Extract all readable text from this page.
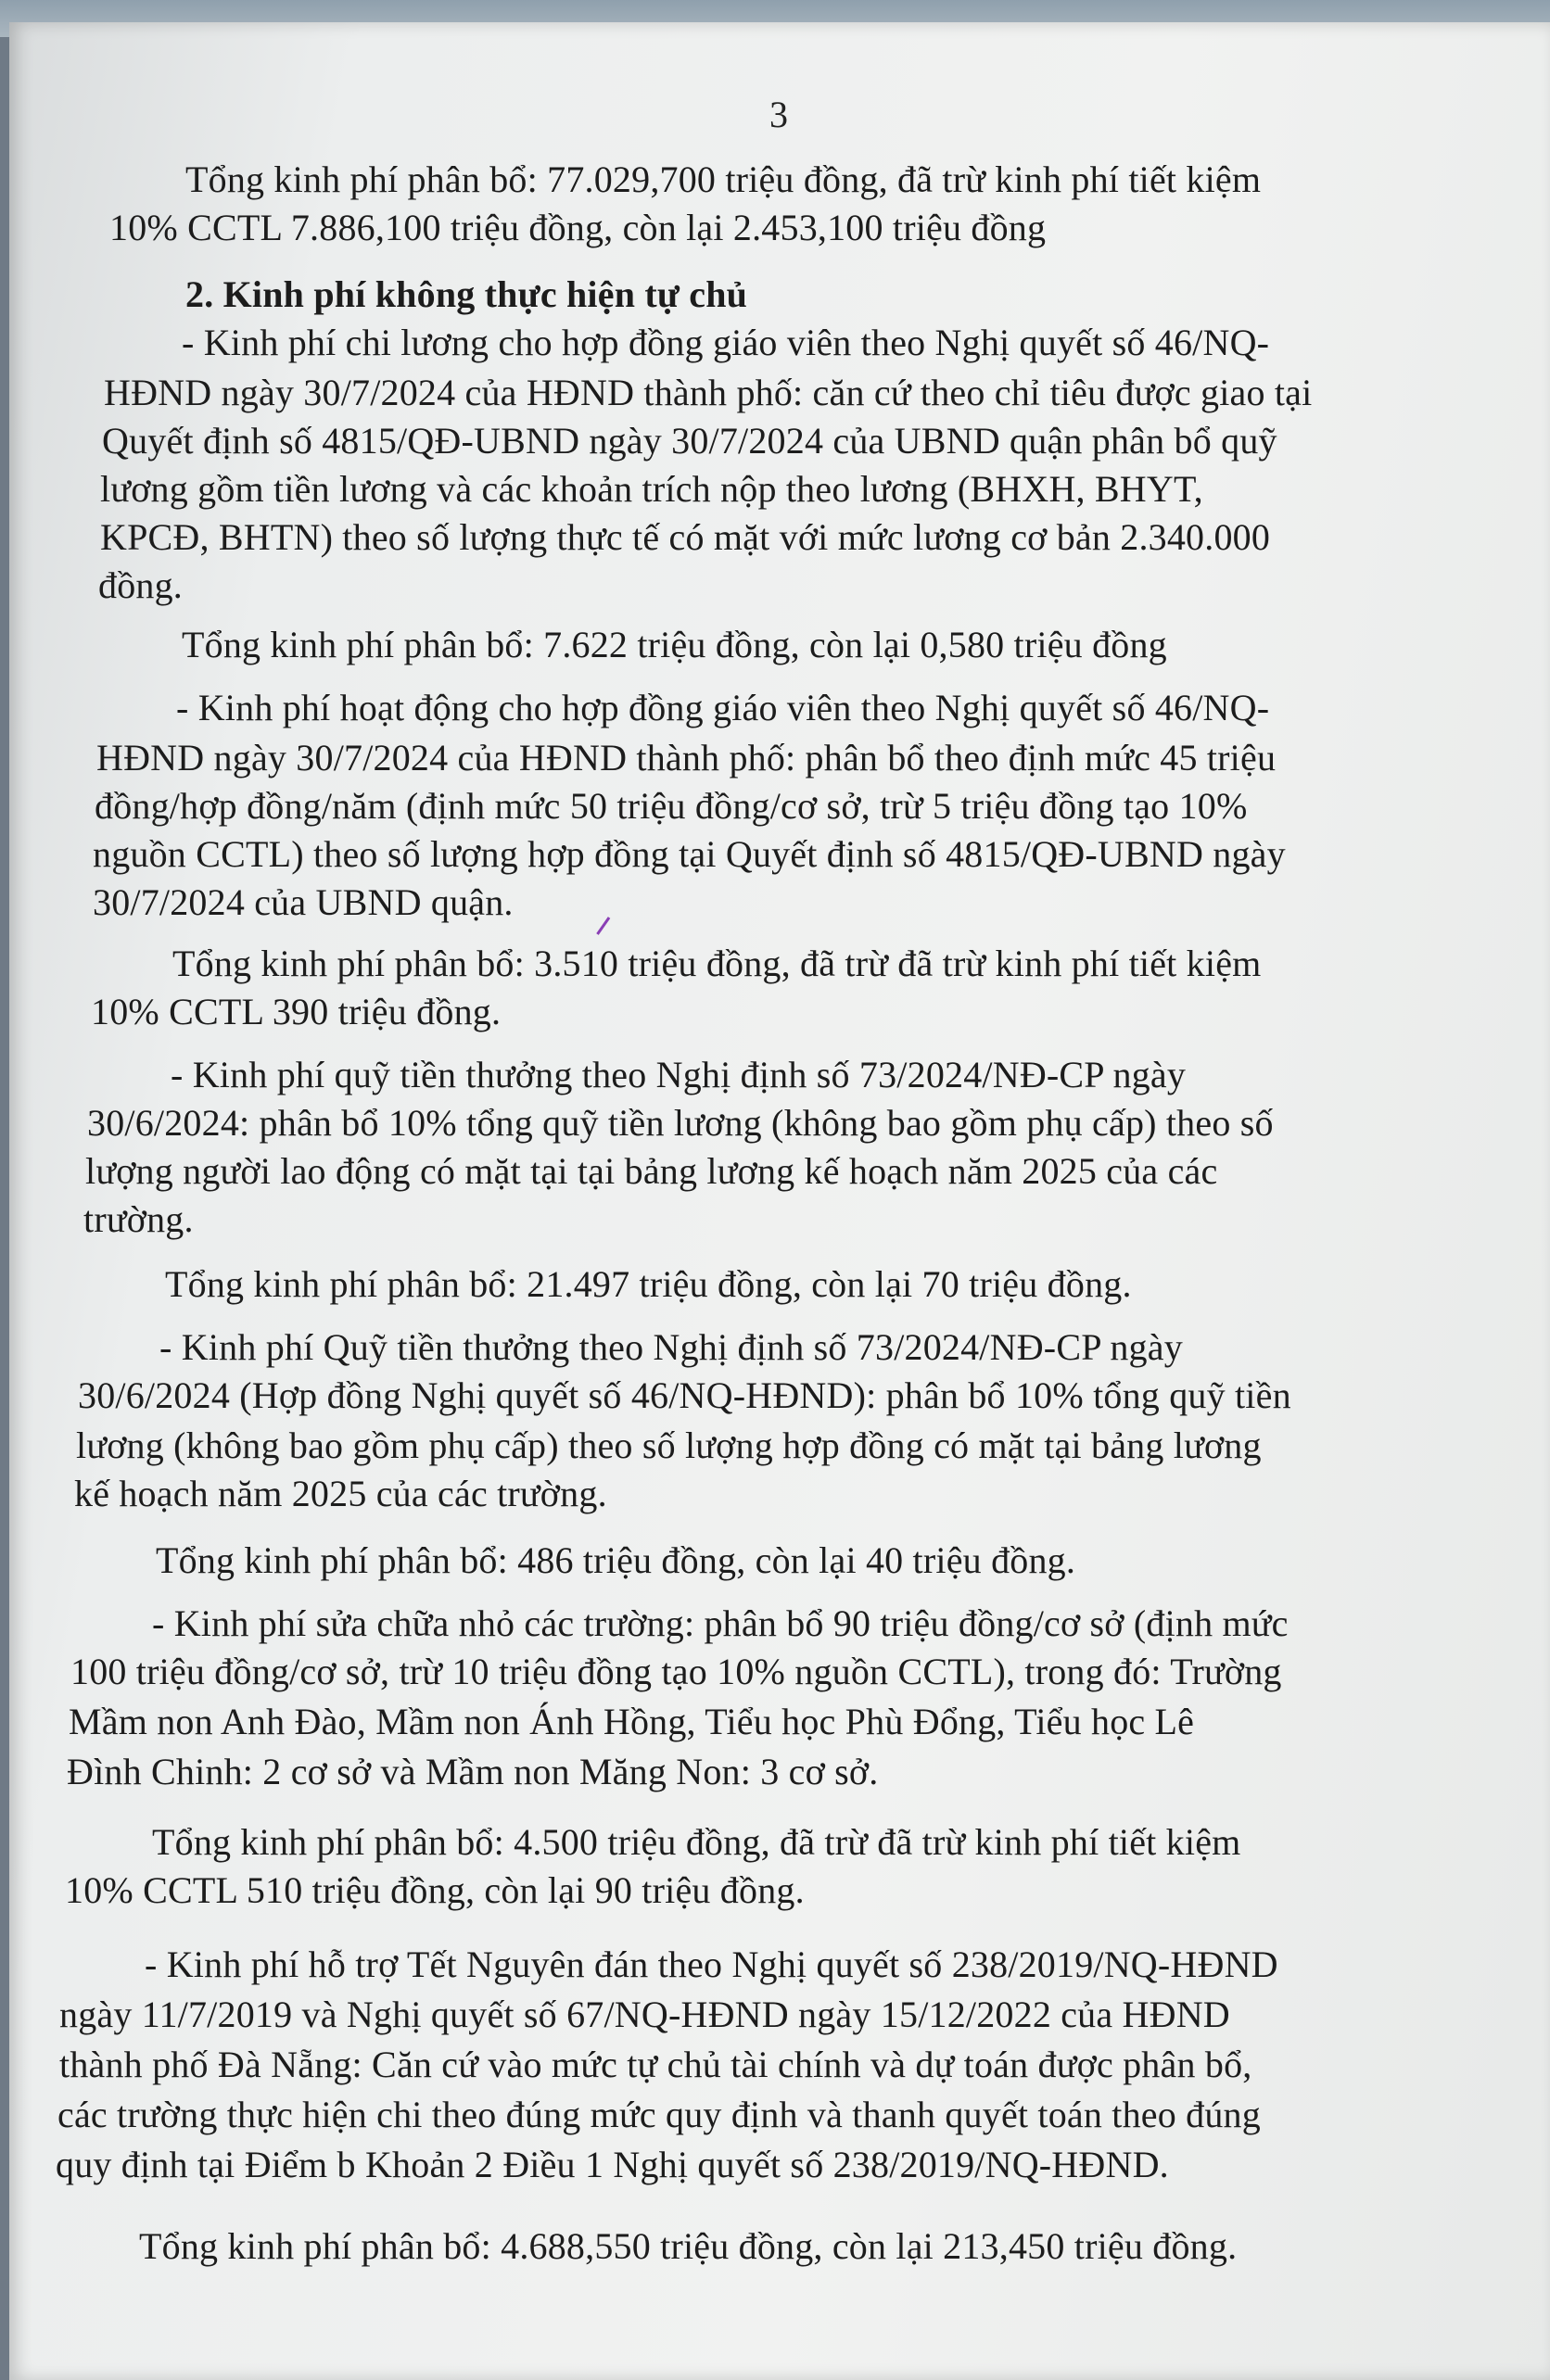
3
Tổng kinh phí phân bổ: 77.029,700 triệu đồng, đã trừ kinh phí tiết kiệm
10% CCTL 7.886,100 triệu đồng, còn lại 2.453,100 triệu đồng
2. Kinh phí không thực hiện tự chủ
- Kinh phí chi lương cho hợp đồng giáo viên theo Nghị quyết số 46/NQ-
HĐND ngày 30/7/2024 của HĐND thành phố: căn cứ theo chỉ tiêu được giao tại
Quyết định số 4815/QĐ-UBND ngày 30/7/2024 của UBND quận phân bổ quỹ
lương gồm tiền lương và các khoản trích nộp theo lương (BHXH, BHYT,
KPCĐ, BHTN) theo số lượng thực tế có mặt với mức lương cơ bản 2.340.000
đồng.
Tổng kinh phí phân bổ: 7.622 triệu đồng, còn lại 0,580 triệu đồng
- Kinh phí hoạt động cho hợp đồng giáo viên theo Nghị quyết số 46/NQ-
HĐND ngày 30/7/2024 của HĐND thành phố: phân bổ theo định mức 45 triệu
đồng/hợp đồng/năm (định mức 50 triệu đồng/cơ sở, trừ 5 triệu đồng tạo 10%
nguồn CCTL) theo số lượng hợp đồng tại Quyết định số 4815/QĐ-UBND ngày
30/7/2024 của UBND quận.
Tổng kinh phí phân bổ: 3.510 triệu đồng, đã trừ đã trừ kinh phí tiết kiệm
10% CCTL 390 triệu đồng.
- Kinh phí quỹ tiền thưởng theo Nghị định số 73/2024/NĐ-CP ngày
30/6/2024: phân bổ 10% tổng quỹ tiền lương (không bao gồm phụ cấp) theo số
lượng người lao động có mặt tại tại bảng lương kế hoạch năm 2025 của các
trường.
Tổng kinh phí phân bổ: 21.497 triệu đồng, còn lại 70 triệu đồng.
- Kinh phí Quỹ tiền thưởng theo Nghị định số 73/2024/NĐ-CP ngày
30/6/2024 (Hợp đồng Nghị quyết số 46/NQ-HĐND): phân bổ 10% tổng quỹ tiền
lương (không bao gồm phụ cấp) theo số lượng hợp đồng có mặt tại bảng lương
kế hoạch năm 2025 của các trường.
Tổng kinh phí phân bổ: 486 triệu đồng, còn lại 40 triệu đồng.
- Kinh phí sửa chữa nhỏ các trường: phân bổ 90 triệu đồng/cơ sở (định mức
100 triệu đồng/cơ sở, trừ 10 triệu đồng tạo 10% nguồn CCTL), trong đó: Trường
Mầm non Anh Đào, Mầm non Ánh Hồng, Tiểu học Phù Đổng, Tiểu học Lê
Đình Chinh: 2 cơ sở và Mầm non Măng Non: 3 cơ sở.
Tổng kinh phí phân bổ: 4.500 triệu đồng, đã trừ đã trừ kinh phí tiết kiệm
10% CCTL 510 triệu đồng, còn lại 90 triệu đồng.
- Kinh phí hỗ trợ Tết Nguyên đán theo Nghị quyết số 238/2019/NQ-HĐND
ngày 11/7/2019 và Nghị quyết số 67/NQ-HĐND ngày 15/12/2022 của HĐND
thành phố Đà Nẵng: Căn cứ vào mức tự chủ tài chính và dự toán được phân bổ,
các trường thực hiện chi theo đúng mức quy định và thanh quyết toán theo đúng
quy định tại Điểm b Khoản 2 Điều 1 Nghị quyết số 238/2019/NQ-HĐND.
Tổng kinh phí phân bổ: 4.688,550 triệu đồng, còn lại 213,450 triệu đồng.
